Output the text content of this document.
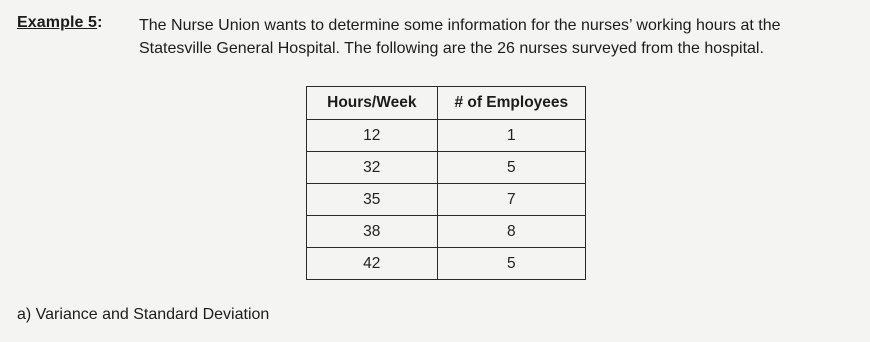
Example 5: The Nurse Union wants to determine some information for the nurses’ working hours at the
Statesville General Hospital. The following are the 26 nurses surveyed from the hospital.
Hours/Week	# of Employees
12	1
32	5
35	7
38	8
42	5
a) Variance and Standard Deviation
